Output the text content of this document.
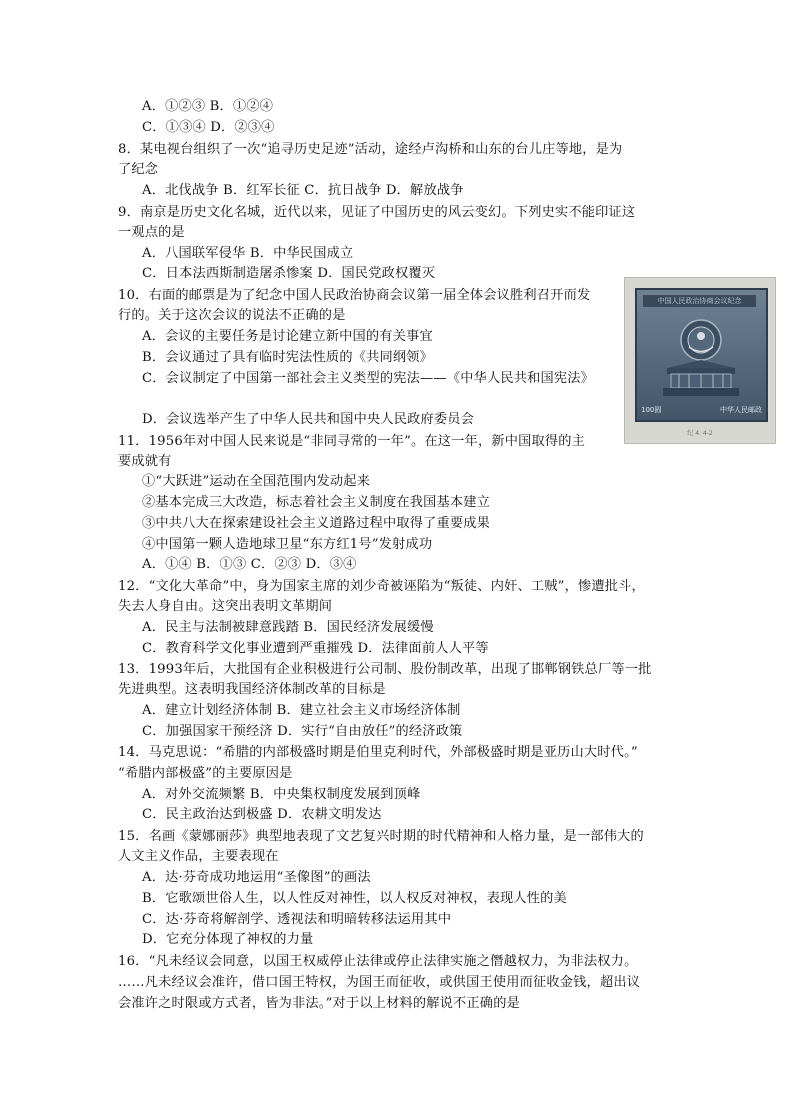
A．①②③ B．①②④
C．①③④ D．②③④
8．某电视台组织了一次“追寻历史足迹”活动，途经卢沟桥和山东的台儿庄等地，是为
了纪念
A．北伐战争 B．红军长征 C．抗日战争 D．解放战争
9．南京是历史文化名城，近代以来，见证了中国历史的风云变幻。下列史实不能印证这
一观点的是
A．八国联军侵华 B．中华民国成立
C．日本法西斯制造屠杀惨案 D．国民党政权覆灭
10．右面的邮票是为了纪念中国人民政治协商会议第一届全体会议胜利召开而发
行的。关于这次会议的说法不正确的是
A．会议的主要任务是讨论建立新中国的有关事宜
B．会议通过了具有临时宪法性质的《共同纲领》
C．会议制定了中国第一部社会主义类型的宪法——《中华人民共和国宪法》
D．会议选举产生了中华人民共和国中央人民政府委员会
11．1956年对中国人民来说是“非同寻常的一年”。在这一年，新中国取得的主
要成就有
①“大跃进”运动在全国范围内发动起来
②基本完成三大改造，标志着社会主义制度在我国基本建立
③中共八大在探索建设社会主义道路过程中取得了重要成果
④中国第一颗人造地球卫星“东方红1号”发射成功
A．①④ B．①③ C．②③ D．③④
12．“文化大革命”中，身为国家主席的刘少奇被诬陷为“叛徒、内奸、工贼”，惨遭批斗，
失去人身自由。这突出表明文革期间
A．民主与法制被肆意践踏 B．国民经济发展缓慢
C．教育科学文化事业遭到严重摧残 D．法律面前人人平等
13．1993年后，大批国有企业积极进行公司制、股份制改革，出现了邯郸钢铁总厂等一批
先进典型。这表明我国经济体制改革的目标是
A．建立计划经济体制 B．建立社会主义市场经济体制
C．加强国家干预经济 D．实行“自由放任”的经济政策
14．马克思说：“希腊的内部极盛时期是伯里克利时代，外部极盛时期是亚历山大时代。”
“希腊内部极盛”的主要原因是
A．对外交流频繁 B．中央集权制度发展到顶峰
C．民主政治达到极盛 D．农耕文明发达
15．名画《蒙娜丽莎》典型地表现了文艺复兴时期的时代精神和人格力量，是一部伟大的
人文主义作品，主要表现在
A．达·芬奇成功地运用“圣像图”的画法
B．它歌颂世俗人生，以人性反对神性，以人权反对神权，表现人性的美
C．达·芬奇将解剖学、透视法和明暗转移法运用其中
D．它充分体现了神权的力量
16．“凡未经议会同意，以国王权威停止法律或停止法律实施之僭越权力，为非法权力。
……凡未经议会准许，借口国王特权，为国王而征收，或供国王使用而征收金钱，超出议
会准许之时限或方式者，皆为非法。”对于以上材料的解说不正确的是
中国人民政治协商会议纪念
100圆	中华人民邮政
纪 4. 4-2
